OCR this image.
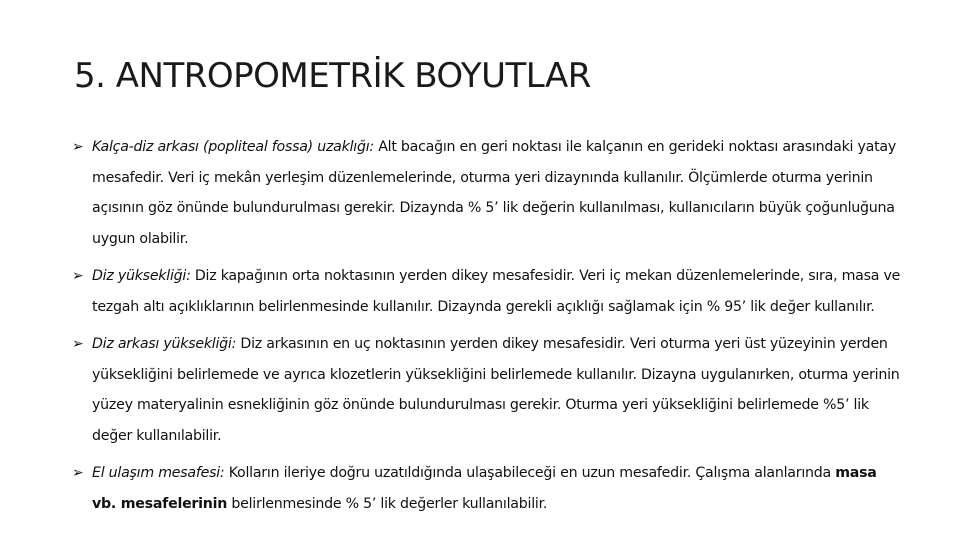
5. ANTROPOMETRİK BOYUTLAR
➢ Kalça-diz arkası (popliteal fossa) uzaklığı: Alt bacağın en geri noktası ile kalçanın en gerideki noktası arasındaki yatay mesafedir. Veri iç mekân yerleşim düzenlemelerinde, oturma yeri dizaynında kullanılır. Ölçümlerde oturma yerinin açısının göz önünde bulundurulması gerekir. Dizaynda % 5’ lik değerin kullanılması, kullanıcıların büyük çoğunluğuna uygun olabilir.
➢ Diz yüksekliği: Diz kapağının orta noktasının yerden dikey mesafesidir. Veri iç mekan düzenlemelerinde, sıra, masa ve tezgah altı açıklıklarının belirlenmesinde kullanılır. Dizaynda gerekli açıklığı sağlamak için % 95’ lik değer kullanılır.
➢ Diz arkası yüksekliği: Diz arkasının en uç noktasının yerden dikey mesafesidir. Veri oturma yeri üst yüzeyinin yerden yüksekliğini belirlemede ve ayrıca klozetlerin yüksekliğini belirlemede kullanılır. Dizayna uygulanırken, oturma yerinin yüzey materyalinin esnekliğinin göz önünde bulundurulması gerekir. Oturma yeri yüksekliğini belirlemede %5’ lik değer kullanılabilir.
➢ El ulaşım mesafesi: Kolların ileriye doğru uzatıldığında ulaşabileceği en uzun mesafedir. Çalışma alanlarında masa vb. mesafelerinin belirlenmesinde % 5’ lik değerler kullanılabilir.
